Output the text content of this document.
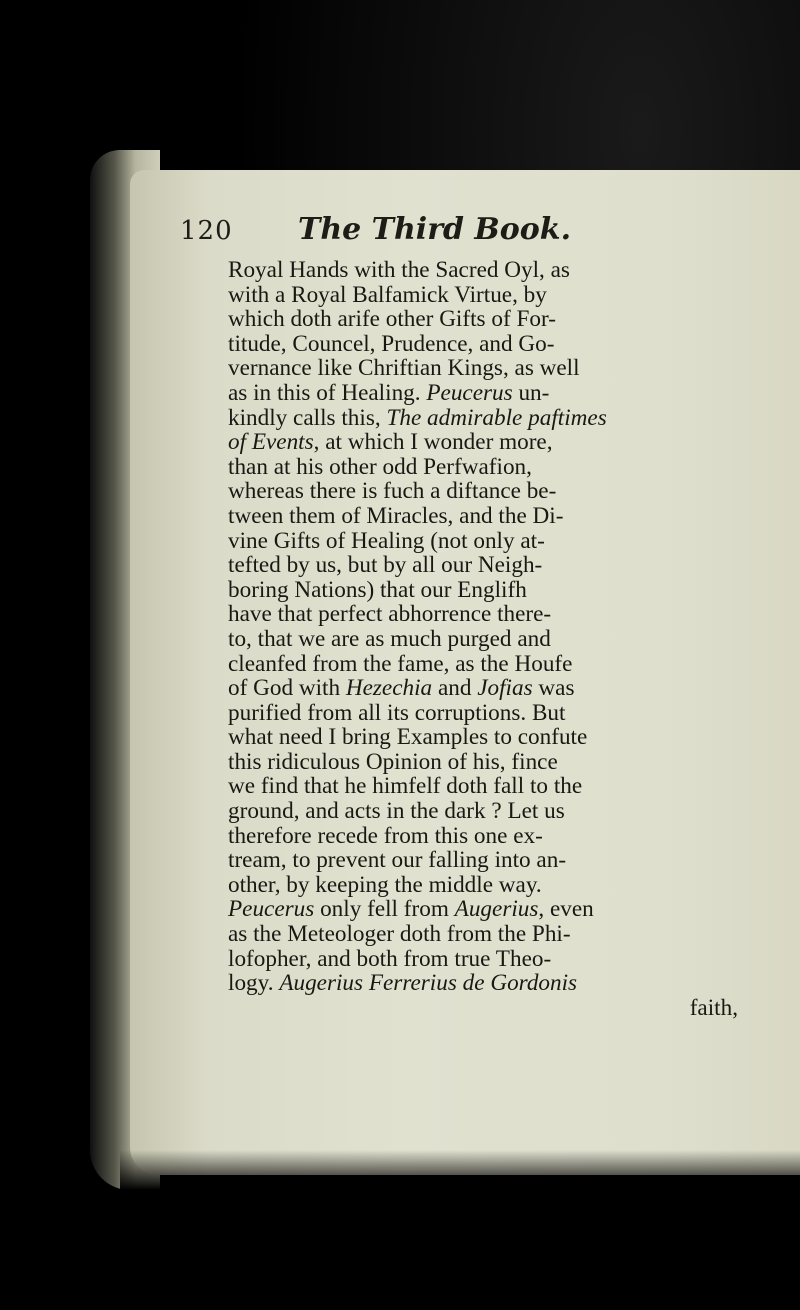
120 The Third Book.
Royal Hands with the Sacred Oyl, as
with a Royal Balfamick Virtue, by
which doth arife other Gifts of For-
titude, Councel, Prudence, and Go-
vernance like Chriftian Kings, as well
as in this of Healing. Peucerus un-
kindly calls this, The admirable paftimes
of Events, at which I wonder more,
than at his other odd Perfwafion,
whereas there is fuch a diftance be-
tween them of Miracles, and the Di-
vine Gifts of Healing (not only at-
tefted by us, but by all our Neigh-
boring Nations) that our Englifh
have that perfect abhorrence there-
to, that we are as much purged and
cleanfed from the fame, as the Houfe
of God with Hezechia and Jofias was
purified from all its corruptions. But
what need I bring Examples to confute
this ridiculous Opinion of his, fince
we find that he himfelf doth fall to the
ground, and acts in the dark ? Let us
therefore recede from this one ex-
tream, to prevent our falling into an-
other, by keeping the middle way.
Peucerus only fell from Augerius, even
as the Meteologer doth from the Phi-
lofopher, and both from true Theo-
logy. Augerius Ferrerius de Gordonis
faith,
